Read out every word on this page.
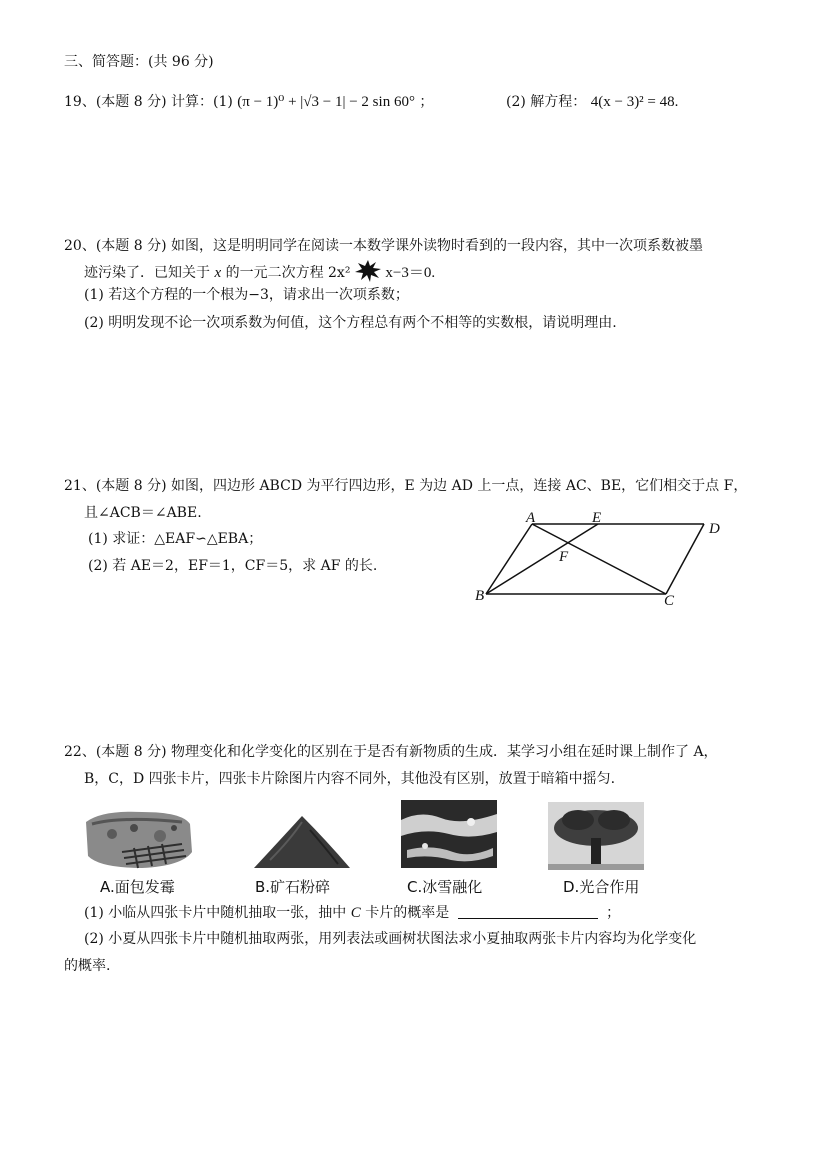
三、简答题：(共 96 分)
19、(本题 8 分) 计算：(1) (π − 1)⁰ + |√3 − 1| − 2 sin 60° ；	(2) 解方程： 4(x − 3)² = 48.
20、(本题 8 分) 如图，这是明明同学在阅读一本数学课外读物时看到的一段内容，其中一次项系数被墨
迹污染了．已知关于 x 的一元二次方程 2x² x−3＝0.
(1) 若这个方程的一个根为−3，请求出一次项系数；
(2) 明明发现不论一次项系数为何值，这个方程总有两个不相等的实数根，请说明理由.
21、(本题 8 分) 如图，四边形 ABCD 为平行四边形，E 为边 AD 上一点，连接 AC、BE，它们相交于点 F，
且∠ACB＝∠ABE.
(1) 求证：△EAF∽△EBA；
(2) 若 AE＝2，EF＝1，CF＝5，求 AF 的长.
A	E
D
F
B	C
22、(本题 8 分) 物理变化和化学变化的区别在于是否有新物质的生成．某学习小组在延时课上制作了 A，
B，C，D 四张卡片，四张卡片除图片内容不同外，其他没有区别，放置于暗箱中摇匀.
A.面包发霉	B.矿石粉碎	C.冰雪融化	D.光合作用
(1) 小临从四张卡片中随机抽取一张，抽中 C 卡片的概率是	；
(2) 小夏从四张卡片中随机抽取两张，用列表法或画树状图法求小夏抽取两张卡片内容均为化学变化
的概率.
